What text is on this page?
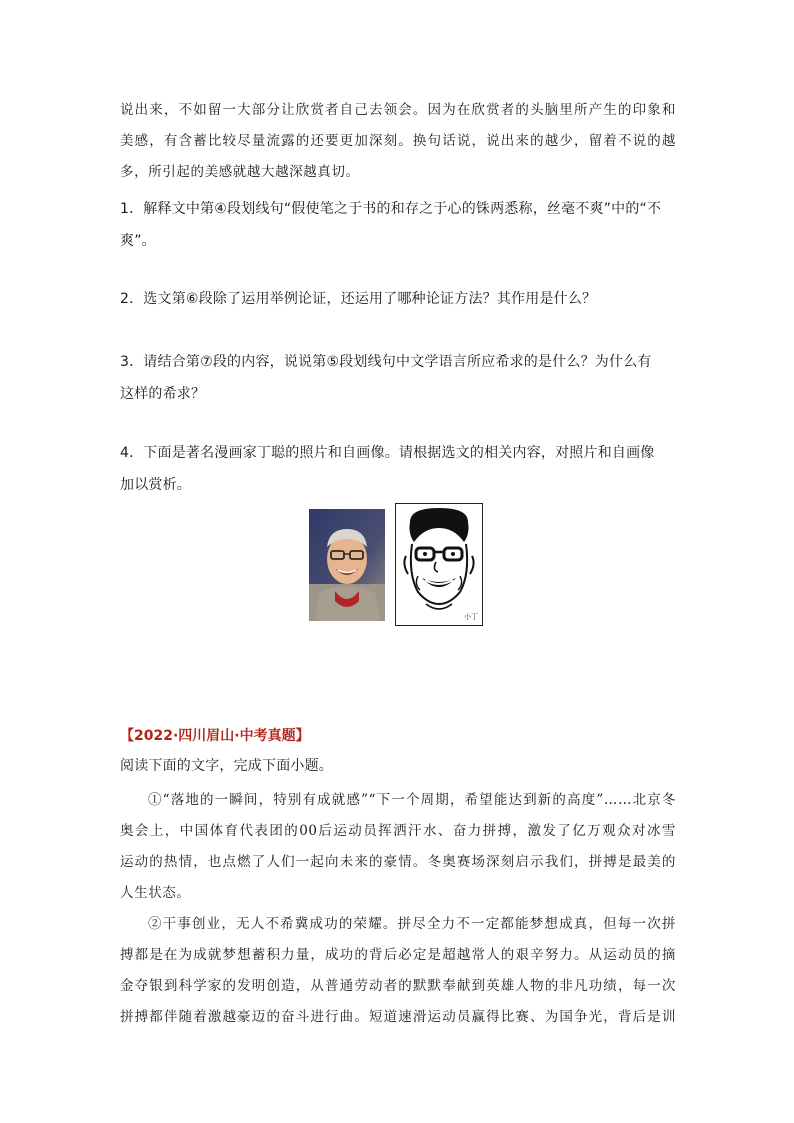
说出来，不如留一大部分让欣赏者自己去领会。因为在欣赏者的头脑里所产生的印象和
美感，有含蓄比较尽量流露的还要更加深刻。换句话说，说出来的越少，留着不说的越
多，所引起的美感就越大越深越真切。
1．解释文中第④段划线句“假使笔之于书的和存之于心的铢两悉称，丝毫不爽”中的“不
爽”。
2．选文第⑥段除了运用举例论证，还运用了哪种论证方法？其作用是什么？
3．请结合第⑦段的内容，说说第⑤段划线句中文学语言所应希求的是什么？为什么有
这样的希求？
4．下面是著名漫画家丁聪的照片和自画像。请根据选文的相关内容，对照片和自画像
加以赏析。
小丁
【2022·四川眉山·中考真题】
阅读下面的文字，完成下面小题。
①“落地的一瞬间，特别有成就感”“下一个周期，希望能达到新的高度”……北京冬
奥会上，中国体育代表团的00后运动员挥洒汗水、奋力拼搏，激发了亿万观众对冰雪
运动的热情，也点燃了人们一起向未来的豪情。冬奥赛场深刻启示我们，拼搏是最美的
人生状态。
②干事创业，无人不希冀成功的荣耀。拼尽全力不一定都能梦想成真，但每一次拼
搏都是在为成就梦想蓄积力量，成功的背后必定是超越常人的艰辛努力。从运动员的摘
金夺银到科学家的发明创造，从普通劳动者的默默奉献到英雄人物的非凡功绩，每一次
拼搏都伴随着激越豪迈的奋斗进行曲。短道速滑运动员赢得比赛、为国争光，背后是训
